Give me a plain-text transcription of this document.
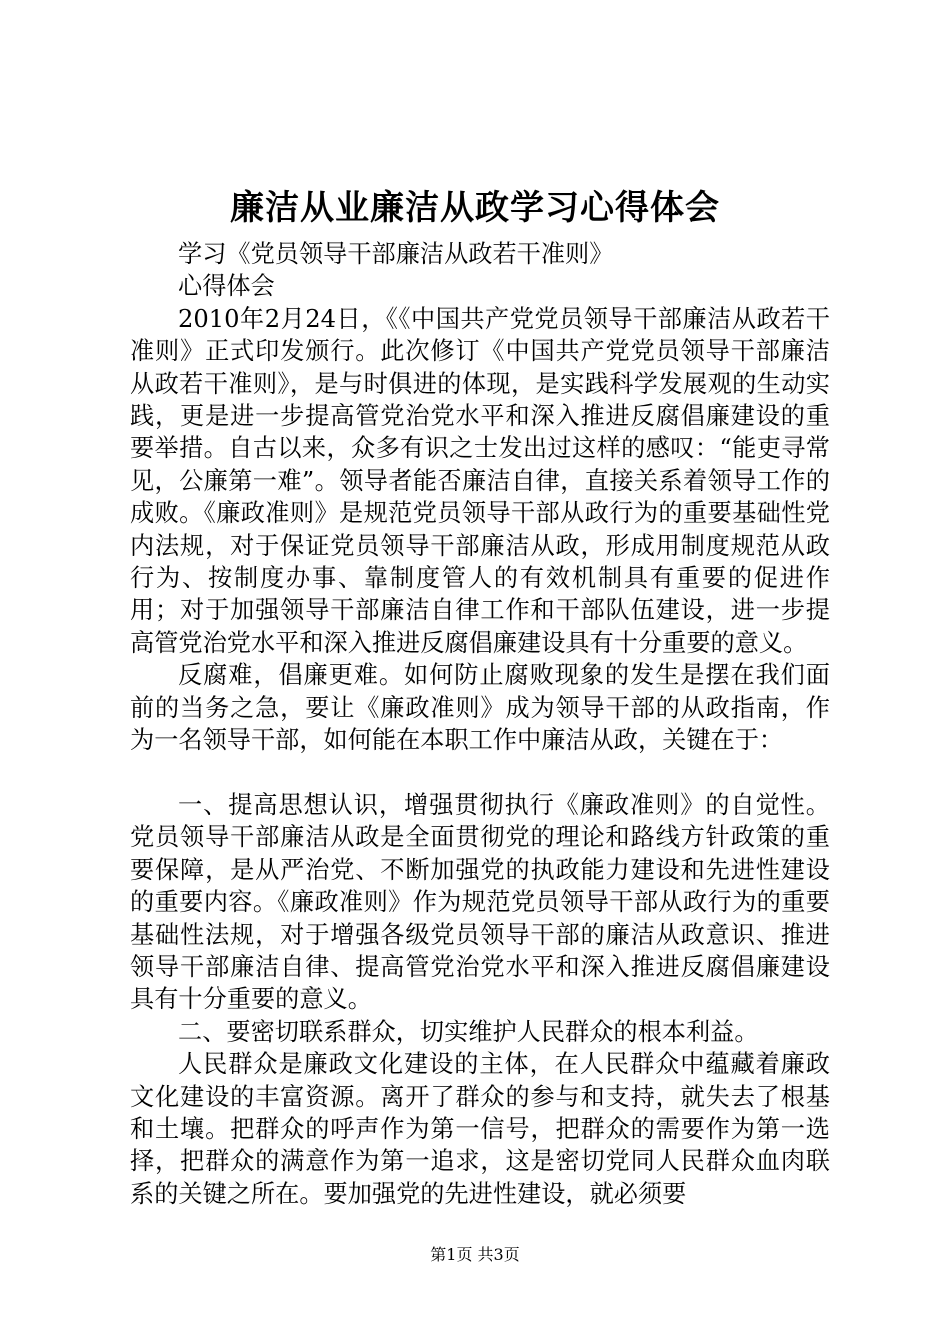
廉洁从业廉洁从政学习心得体会

学习《党员领导干部廉洁从政若干准则》

心得体会

2010年2月24日，《《中国共产党党员领导干部廉洁从政若干准则》正式印发颁行。此次修订《中国共产党党员领导干部廉洁从政若干准则》，是与时俱进的体现，是实践科学发展观的生动实践，更是进一步提高管党治党水平和深入推进反腐倡廉建设的重要举措。自古以来，众多有识之士发出过这样的感叹：“能吏寻常见，公廉第一难”。领导者能否廉洁自律，直接关系着领导工作的成败。《廉政准则》是规范党员领导干部从政行为的重要基础性党内法规，对于保证党员领导干部廉洁从政，形成用制度规范从政行为、按制度办事、靠制度管人的有效机制具有重要的促进作用；对于加强领导干部廉洁自律工作和干部队伍建设，进一步提高管党治党水平和深入推进反腐倡廉建设具有十分重要的意义。

反腐难，倡廉更难。如何防止腐败现象的发生是摆在我们面前的当务之急，要让《廉政准则》成为领导干部的从政指南，作为一名领导干部，如何能在本职工作中廉洁从政，关键在于：

一、提高思想认识，增强贯彻执行《廉政准则》的自觉性。党员领导干部廉洁从政是全面贯彻党的理论和路线方针政策的重要保障，是从严治党、不断加强党的执政能力建设和先进性建设的重要内容。《廉政准则》作为规范党员领导干部从政行为的重要基础性法规，对于增强各级党员领导干部的廉洁从政意识、推进领导干部廉洁自律、提高管党治党水平和深入推进反腐倡廉建设具有十分重要的意义。

二、要密切联系群众，切实维护人民群众的根本利益。

人民群众是廉政文化建设的主体，在人民群众中蕴藏着廉政文化建设的丰富资源。离开了群众的参与和支持，就失去了根基和土壤。把群众的呼声作为第一信号，把群众的需要作为第一选择，把群众的满意作为第一追求，这是密切党同人民群众血肉联系的关键之所在。要加强党的先进性建设，就必须要

第1页 共3页
